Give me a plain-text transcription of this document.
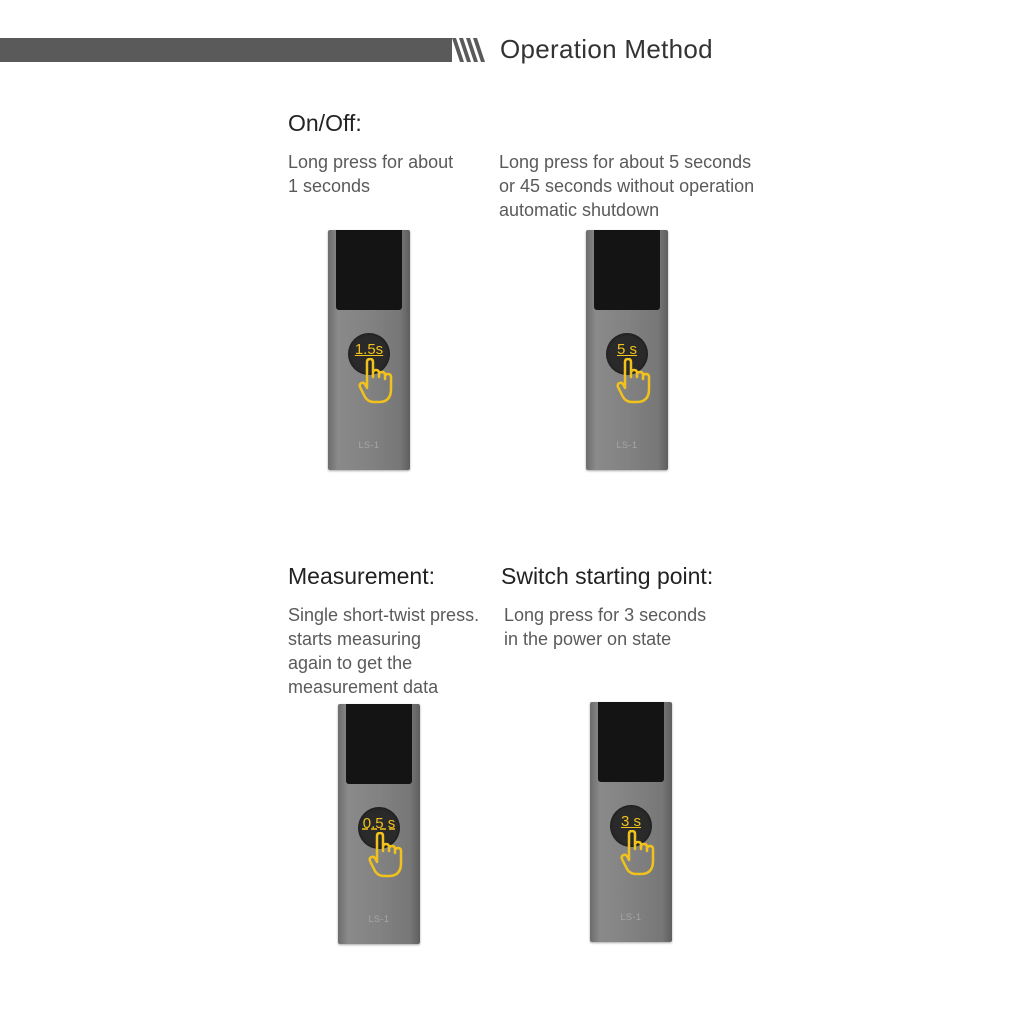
Operation Method
On/Off:
Long press for about
1 seconds
1.5s
LS-1
Long press for about 5 seconds
or 45 seconds without operation
automatic shutdown
5 s
LS-1
Measurement:
Single short-twist press.
starts measuring
again to get the
measurement data
0.5 s
LS-1
Switch starting point:
Long press for 3 seconds
in the power on state
3 s
LS-1
